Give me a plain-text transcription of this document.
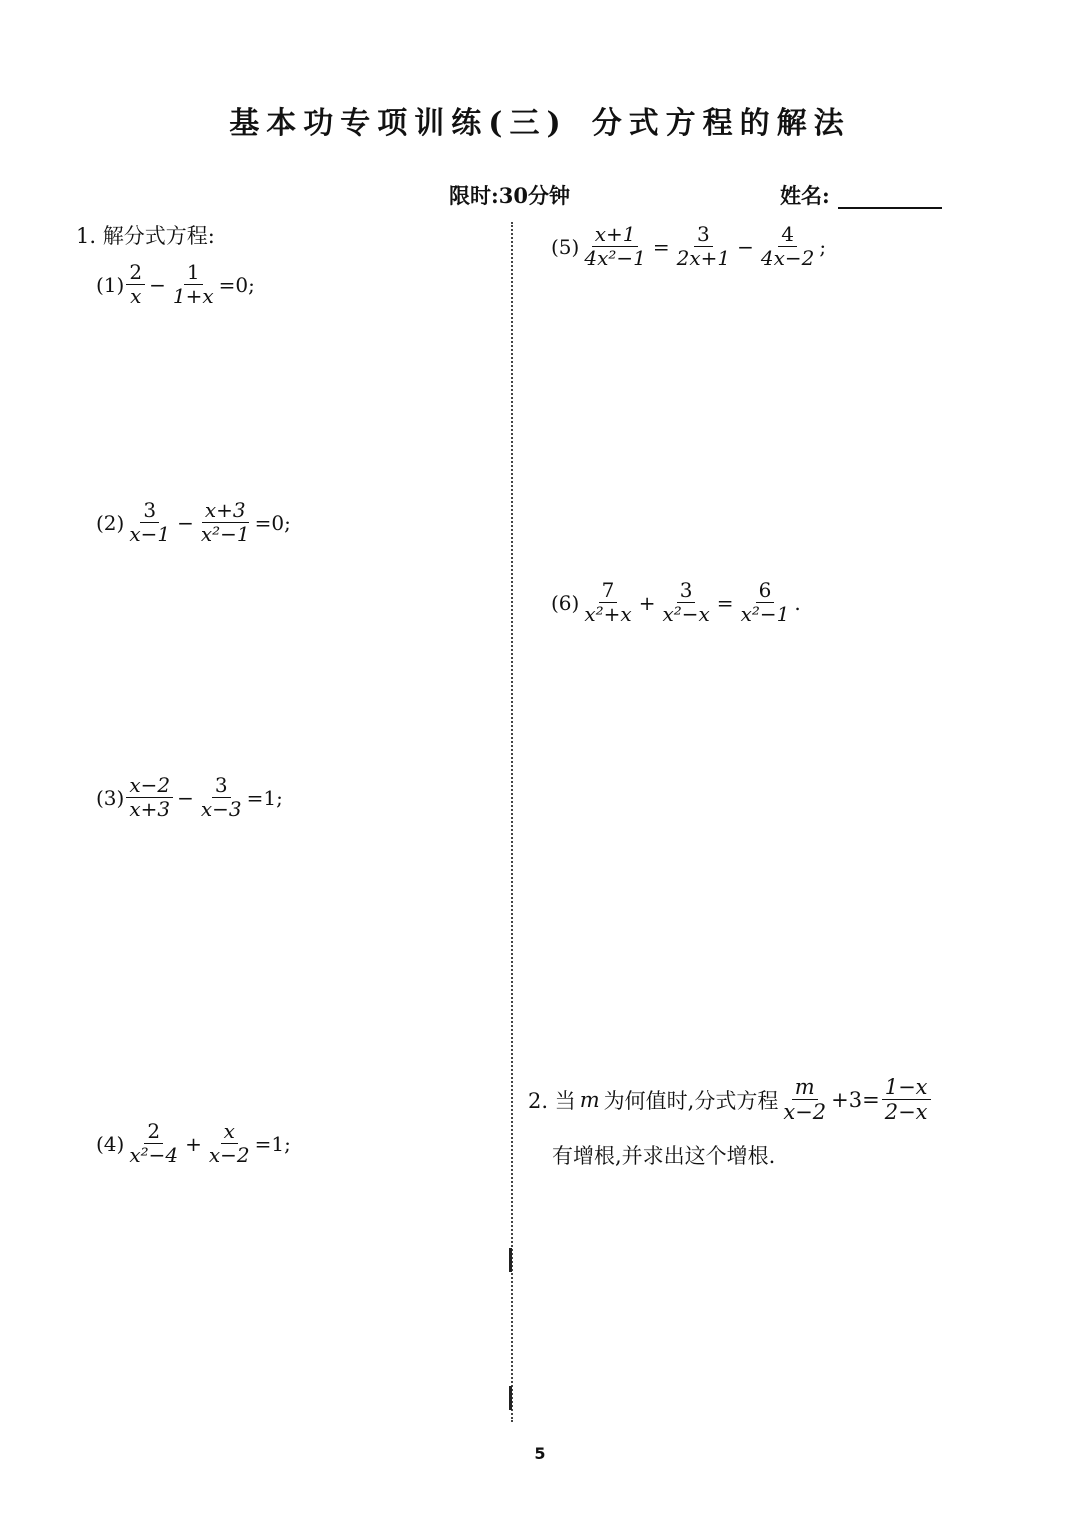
基本功专项训练(三) 分式方程的解法
限时:30分钟	姓名:
1. 解分式方程:
$(1) \frac{2}{x} - \frac{1}{1+x} =0$;
$(2) \frac{3}{x-1} - \frac{x+3}{\text{x²−1}} =0$;
$(3) \frac{x-2}{x+3} - \frac{3}{x-3} =1$;
$(4) \frac{2}{\text{x²−4}} + \frac{x}{x-2} =1$;
$(5) \frac{x+1}{\text{4x²−1}} = \frac{3}{2x+1} - \frac{4}{4x-2}$ ;
$(6) \frac{7}{\text{x²+x}} + \frac{3}{\text{x²−x}} = \frac{6}{\text{x²−1}}$ .
2. 当 m 为何值时,分式方程 $\frac{m}{x-2} +3= \frac{1-x}{2-x}$
有增根,并求出这个增根.
5
